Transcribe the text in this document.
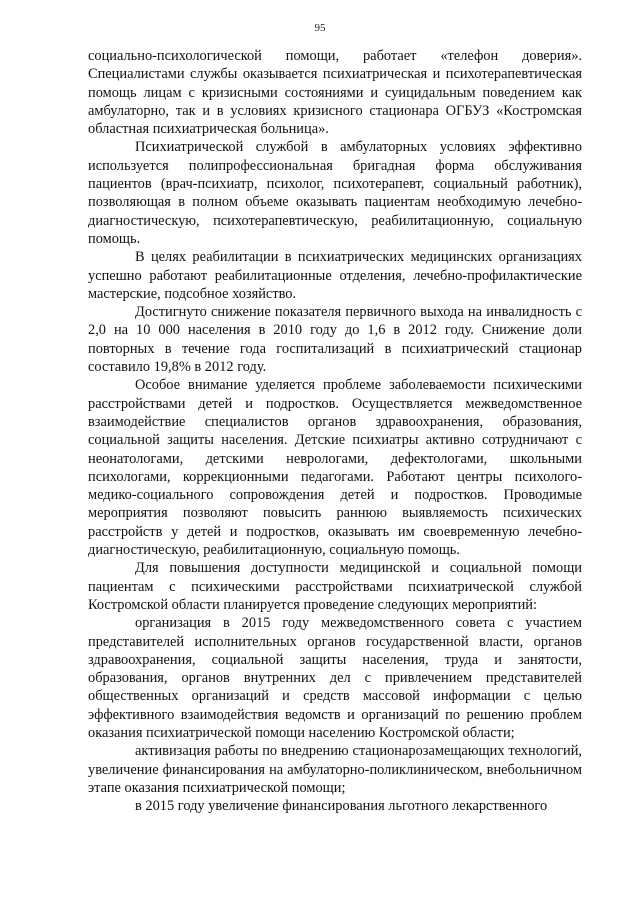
95

социально-психологической помощи, работает «телефон доверия». Специалистами службы оказывается психиатрическая и психотерапевтическая помощь лицам с кризисными состояниями и суицидальным поведением как амбулаторно, так и в условиях кризисного стационара ОГБУЗ «Костромская областная психиатрическая больница».

Психиатрической службой в амбулаторных условиях эффективно используется полипрофессиональная бригадная форма обслуживания пациентов (врач-психиатр, психолог, психотерапевт, социальный работник), позволяющая в полном объеме оказывать пациентам необходимую лечебно-диагностическую, психотерапевтическую, реабилитационную, социальную помощь.

В целях реабилитации в психиатрических медицинских организациях успешно работают реабилитационные отделения, лечебно-профилактические мастерские, подсобное хозяйство.

Достигнуто снижение показателя первичного выхода на инвалидность с 2,0 на 10 000 населения в 2010 году до 1,6 в 2012 году. Снижение доли повторных в течение года госпитализаций в психиатрический стационар составило 19,8% в 2012 году.

Особое внимание уделяется проблеме заболеваемости психическими расстройствами детей и подростков. Осуществляется межведомственное взаимодействие специалистов органов здравоохранения, образования, социальной защиты населения. Детские психиатры активно сотрудничают с неонатологами, детскими неврологами, дефектологами, школьными психологами, коррекционными педагогами. Работают центры психолого-медико-социального сопровождения детей и подростков. Проводимые мероприятия позволяют повысить раннюю выявляемость психических расстройств у детей и подростков, оказывать им своевременную лечебно-диагностическую, реабилитационную, социальную помощь.

Для повышения доступности медицинской и социальной помощи пациентам с психическими расстройствами психиатрической службой Костромской области планируется проведение следующих мероприятий:

организация в 2015 году межведомственного совета с участием представителей исполнительных органов государственной власти, органов здравоохранения, социальной защиты населения, труда и занятости, образования, органов внутренних дел с привлечением представителей общественных организаций и средств массовой информации с целью эффективного взаимодействия ведомств и организаций по решению проблем оказания психиатрической помощи населению Костромской области;

активизация работы по внедрению стационарозамещающих технологий, увеличение финансирования на амбулаторно-поликлиническом, внебольничном этапе оказания психиатрической помощи;

в 2015 году увеличение финансирования льготного лекарственного
